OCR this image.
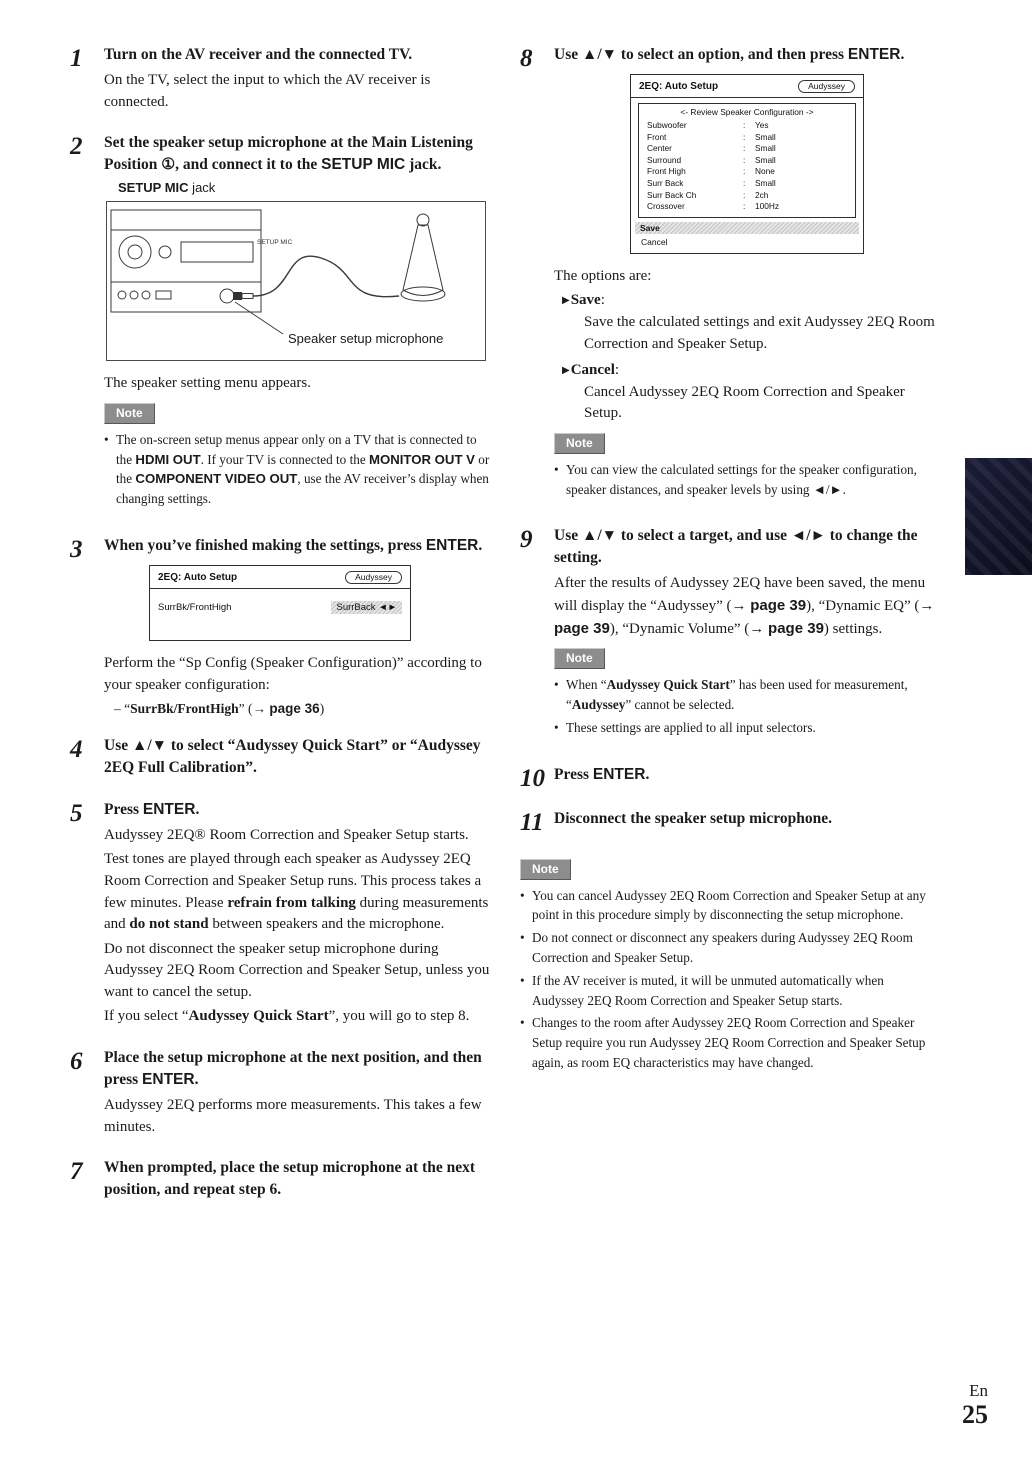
1	Turn on the AV receiver and the connected TV.

On the TV, select the input to which the AV receiver is connected.

2	Set the speaker setup microphone at the Main Listening Position ①, and connect it to the SETUP MIC jack.

SETUP MIC jack

SETUP MIC
Speaker setup microphone

The speaker setting menu appears.

Note
• The on-screen setup menus appear only on a TV that is connected to the HDMI OUT. If your TV is connected to the MONITOR OUT V or the COMPONENT VIDEO OUT, use the AV receiver’s display when changing settings.
3	When you’ve finished making the settings, press ENTER.

2EQ: Auto Setup	Audyssey
SurrBk/FrontHigh	SurrBack ◄►

Perform the “Sp Config (Speaker Configuration)” according to your speaker configuration:

– “SurrBk/FrontHigh” (→ page 36)

4	Use ▲/▼ to select “Audyssey Quick Start” or “Audyssey 2EQ Full Calibration”.

5	Press ENTER.

Audyssey 2EQ® Room Correction and Speaker Setup starts.

Test tones are played through each speaker as Audyssey 2EQ Room Correction and Speaker Setup runs. This process takes a few minutes. Please refrain from talking during measurements and do not stand between speakers and the microphone.

Do not disconnect the speaker setup microphone during Audyssey 2EQ Room Correction and Speaker Setup, unless you want to cancel the setup.

If you select “Audyssey Quick Start”, you will go to step 8.

6	Place the setup microphone at the next position, and then press ENTER.

Audyssey 2EQ performs more measurements. This takes a few minutes.

7	When prompted, place the setup microphone at the next position, and repeat step 6.

8	Use ▲/▼ to select an option, and then press ENTER.

2EQ: Auto Setup	Audyssey
<- Review Speaker Configuration ->
Subwoofer	:	Yes
Front	:	Small
Center	:	Small
Surround	:	Small
Front High	:	None
Surr Back	:	Small
Surr Back Ch	:	2ch
Crossover	:	100Hz
Save
Cancel

The options are:

▶Save:

Save the calculated settings and exit Audyssey 2EQ Room Correction and Speaker Setup.

▶Cancel:

Cancel Audyssey 2EQ Room Correction and Speaker Setup.

Note
• You can view the calculated settings for the speaker configuration, speaker distances, and speaker levels by using ◄/►.
9	Use ▲/▼ to select a target, and use ◄/► to change the setting.

After the results of Audyssey 2EQ have been saved, the menu will display the “Audyssey” (→ page 39), “Dynamic EQ” (→ page 39), “Dynamic Volume” (→ page 39) settings.

Note
• When “Audyssey Quick Start” has been used for measurement, “Audyssey” cannot be selected.
• These settings are applied to all input selectors.
10 Press ENTER.

11 Disconnect the speaker setup microphone.

Note
• You can cancel Audyssey 2EQ Room Correction and Speaker Setup at any point in this procedure simply by disconnecting the setup microphone.
• Do not connect or disconnect any speakers during Audyssey 2EQ Room Correction and Speaker Setup.
• If the AV receiver is muted, it will be unmuted automatically when Audyssey 2EQ Room Correction and Speaker Setup starts.
• Changes to the room after Audyssey 2EQ Room Correction and Speaker Setup require you run Audyssey 2EQ Room Correction and Speaker Setup again, as room EQ characteristics may have changed.
En
25
